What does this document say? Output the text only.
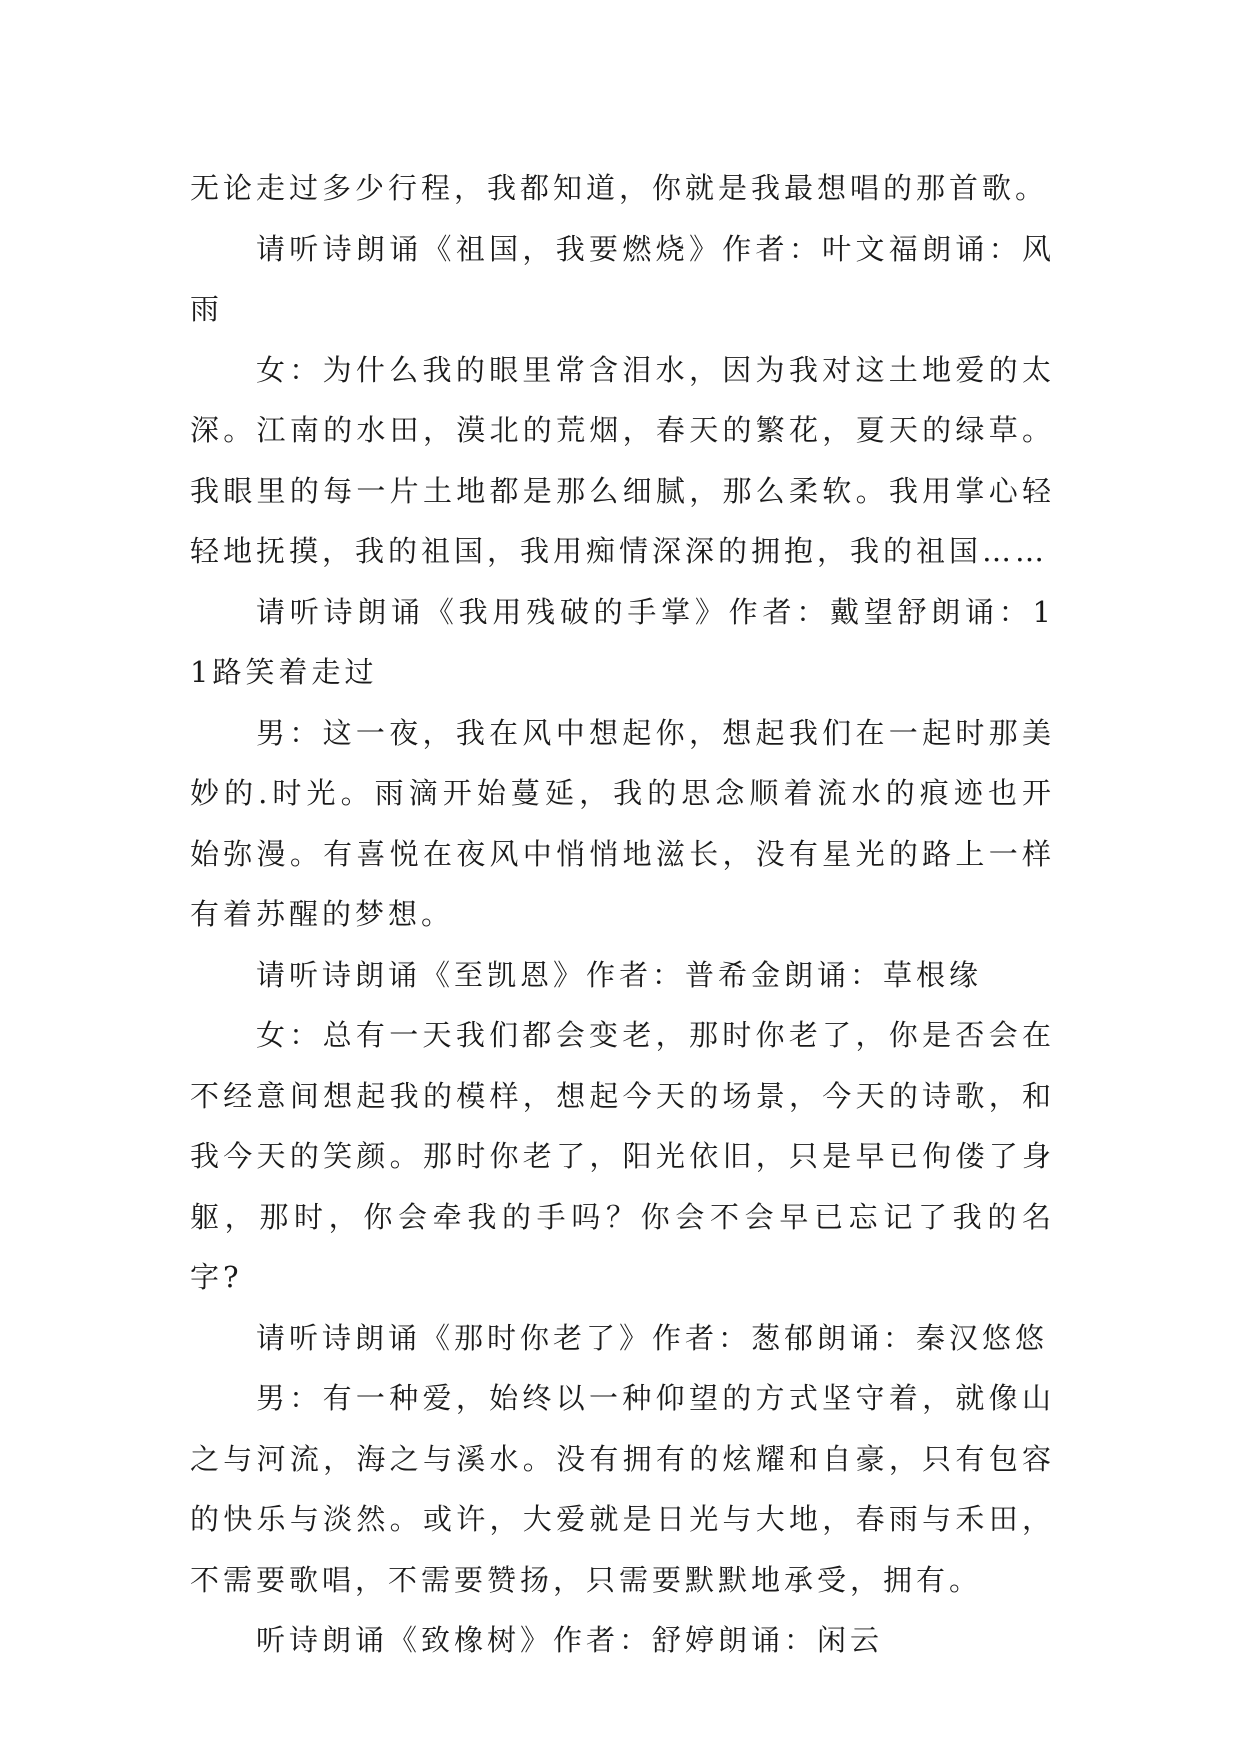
无论走过多少行程，我都知道，你就是我最想唱的那首歌。

请听诗朗诵《祖国，我要燃烧》作者：叶文福朗诵：风雨

女：为什么我的眼里常含泪水，因为我对这土地爱的太深。江南的水田，漠北的荒烟，春天的繁花，夏天的绿草。我眼里的每一片土地都是那么细腻，那么柔软。我用掌心轻轻地抚摸，我的祖国，我用痴情深深的拥抱，我的祖国……

请听诗朗诵《我用残破的手掌》作者：戴望舒朗诵：11路笑着走过

男：这一夜，我在风中想起你，想起我们在一起时那美妙的.时光。雨滴开始蔓延，我的思念顺着流水的痕迹也开始弥漫。有喜悦在夜风中悄悄地滋长，没有星光的路上一样有着苏醒的梦想。

请听诗朗诵《至凯恩》作者：普希金朗诵：草根缘

女：总有一天我们都会变老，那时你老了，你是否会在不经意间想起我的模样，想起今天的场景，今天的诗歌，和我今天的笑颜。那时你老了，阳光依旧，只是早已佝偻了身躯，那时，你会牵我的手吗？你会不会早已忘记了我的名字?

请听诗朗诵《那时你老了》作者：葱郁朗诵：秦汉悠悠

男：有一种爱，始终以一种仰望的方式坚守着，就像山之与河流，海之与溪水。没有拥有的炫耀和自豪，只有包容的快乐与淡然。或许，大爱就是日光与大地，春雨与禾田，不需要歌唱，不需要赞扬，只需要默默地承受，拥有。

听诗朗诵《致橡树》作者：舒婷朗诵：闲云
